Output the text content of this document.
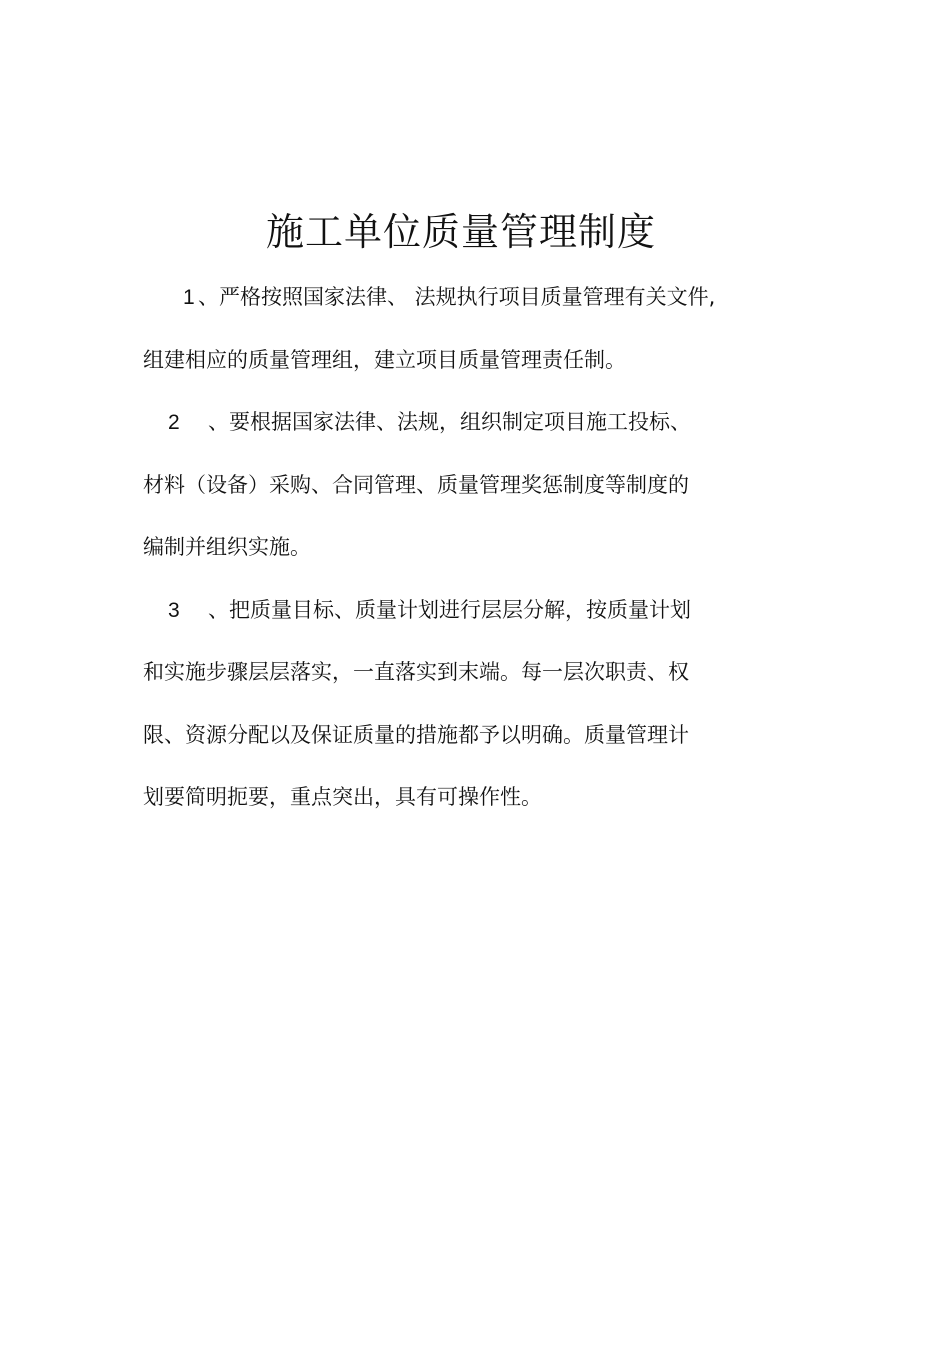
施工单位质量管理制度
1 、严格按照国家法律、 法规执行项目质量管理有关文件,
组建相应的质量管理组，建立项目质量管理责任制。
2 、要根据国家法律、法规，组织制定项目施工投标、
材料（设备）采购、合同管理、质量管理奖惩制度等制度的
编制并组织实施。
3 、把质量目标、质量计划进行层层分解，按质量计划
和实施步骤层层落实，一直落实到末端。每一层次职责、权
限、资源分配以及保证质量的措施都予以明确。质量管理计
划要简明扼要，重点突出，具有可操作性。
